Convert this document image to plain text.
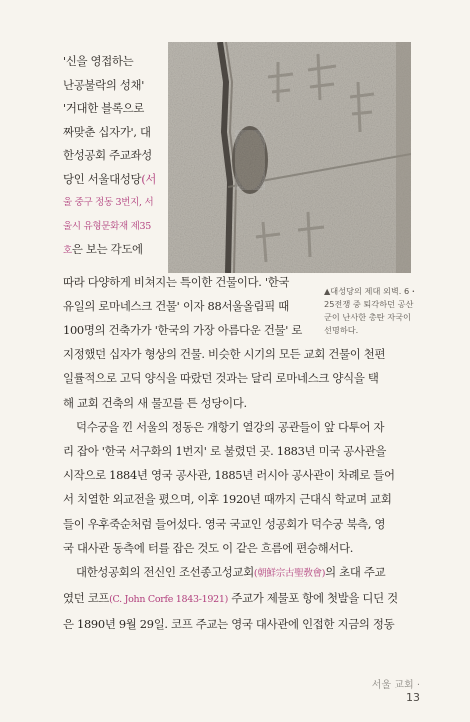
'신을 영접하는

난공불락의 성채'

'거대한 블록으로

짜맞춘 십자가', 대

한성공회 주교좌성

당인 서울대성당(서

울 중구 정동 3번지, 서

울시 유형문화재 제35

호은 보는 각도에

▲대성당의 제대 외벽. 6・25전쟁 중 퇴각하던 공산군이 난사한 총탄 자국이 선명하다.

따라 다양하게 비쳐지는 특이한 건물이다. '한국

유일의 로마네스크 건물' 이자 88서울올림픽 때

100명의 건축가가 '한국의 가장 아름다운 건물' 로

지정했던 십자가 형상의 건물. 비슷한 시기의 모든 교회 건물이 천편

일률적으로 고딕 양식을 따랐던 것과는 달리 로마네스크 양식을 택

해 교회 건축의 새 물꼬를 튼 성당이다.

덕수궁을 낀 서울의 정동은 개항기 열강의 공관들이 앞 다투어 자

리 잡아 '한국 서구화의 1번지' 로 불렸던 곳. 1883년 미국 공사관을

시작으로 1884년 영국 공사관, 1885년 러시아 공사관이 차례로 들어

서 치열한 외교전을 폈으며, 이후 1920년 때까지 근대식 학교며 교회

들이 우후죽순처럼 들어섰다. 영국 국교인 성공회가 덕수궁 북측, 영

국 대사관 동측에 터를 잡은 것도 이 같은 흐름에 편승해서다.

대한성공회의 전신인 조선종고성교회(朝鮮宗古聖敎會)의 초대 주교

였던 코프(C. John Corfe 1843-1921) 주교가 제물포 항에 첫발을 디딘 것

은 1890년 9월 29일. 코프 주교는 영국 대사관에 인접한 지금의 정동

서울 교회 · 13
